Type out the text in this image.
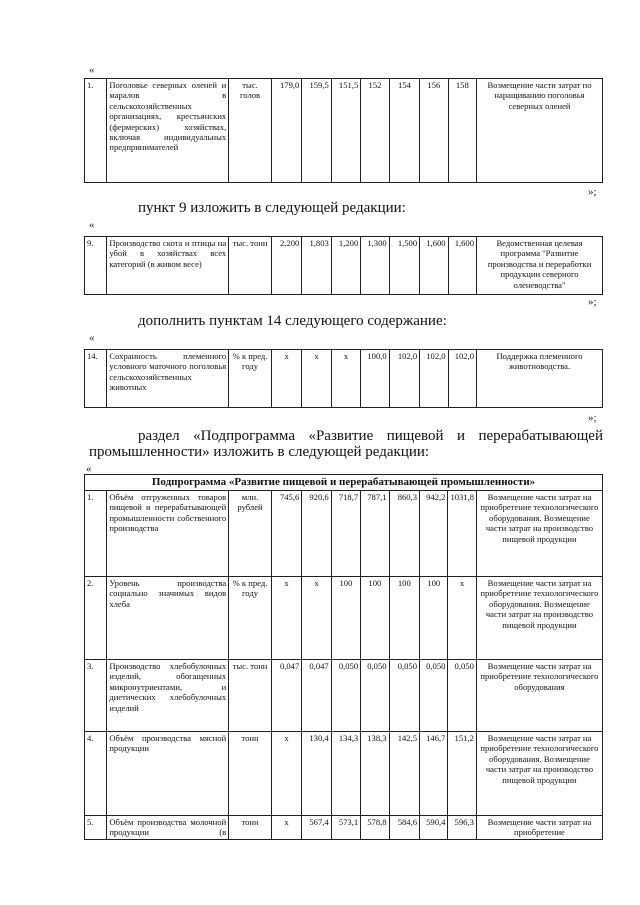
«
1.	Поголовье северных оленей и маралов в сельскохозяйственных организациях, крестьянских (фермерских) хозяйствах, включая индивидуальных предпринимателей	тыс. голов	179,0	159,5	151,5	152	154	156	158	Возмещение части затрат по наращиванию поголовья северных оленей
»;
пункт 9 изложить в следующей редакции:
«
9.	Производство скота и птицы на убой в хозяйствах всех категорий (в живом весе)	тыс. тонн	2,200	1,803	1,200	1,300	1,500	1,600	1,600	Ведомственная целевая программа "Развитие производства и переработки продукции северного оленеводства"
»;
дополнить пунктам 14 следующего содержание:
«
14.	Сохранность племенного условного маточного поголовья сельскохозяйственных животных	% к пред. году	х	х	х	100,0	102,0	102,0	102,0	Поддержка племенного животноводства.
»;
раздел «Подпрограмма «Развитие пищевой и перерабатывающей промышленности» изложить в следующей редакции:
«
Подпрограмма «Развитие пищевой и перерабатывающей промышленности»										
1.	Объём отгруженных товаров пищевой и перерабатывающей промышленности собственного производства	млн. рублей	745,6	920,6	718,7	787,1	860,3	942,2	1031,8	Возмещение части затрат на приобретение технологического оборудования. Возмещение части затрат на производство пищевой продукции
2.	Уровень производства социально значимых видов хлеба	% к пред. году	х	х	100	100	100	100	х	Возмещение части затрат на приобретение технологического оборудования. Возмещение части затрат на производство пищевой продукции
3.	Производство хлебобулочных изделий, обогащенных микронутриентами, и диетических хлебобулочных изделий	тыс. тонн	0,047	0,047	0,050	0,050	0,050	0,050	0,050	Возмещение части затрат на приобретение технологического оборудования
4.	Объём производства мясной продукции	тонн	х	130,4	134,3	138,3	142,5	146,7	151,2	Возмещение части затрат на приобретение технологического оборудования. Возмещение части затрат на производство пищевой продукции
5.	Объём производства молочной продукции (в	тонн	х	567,4	573,1	578,8	584,6	590,4	596,3	Возмещение части затрат на приобретение
